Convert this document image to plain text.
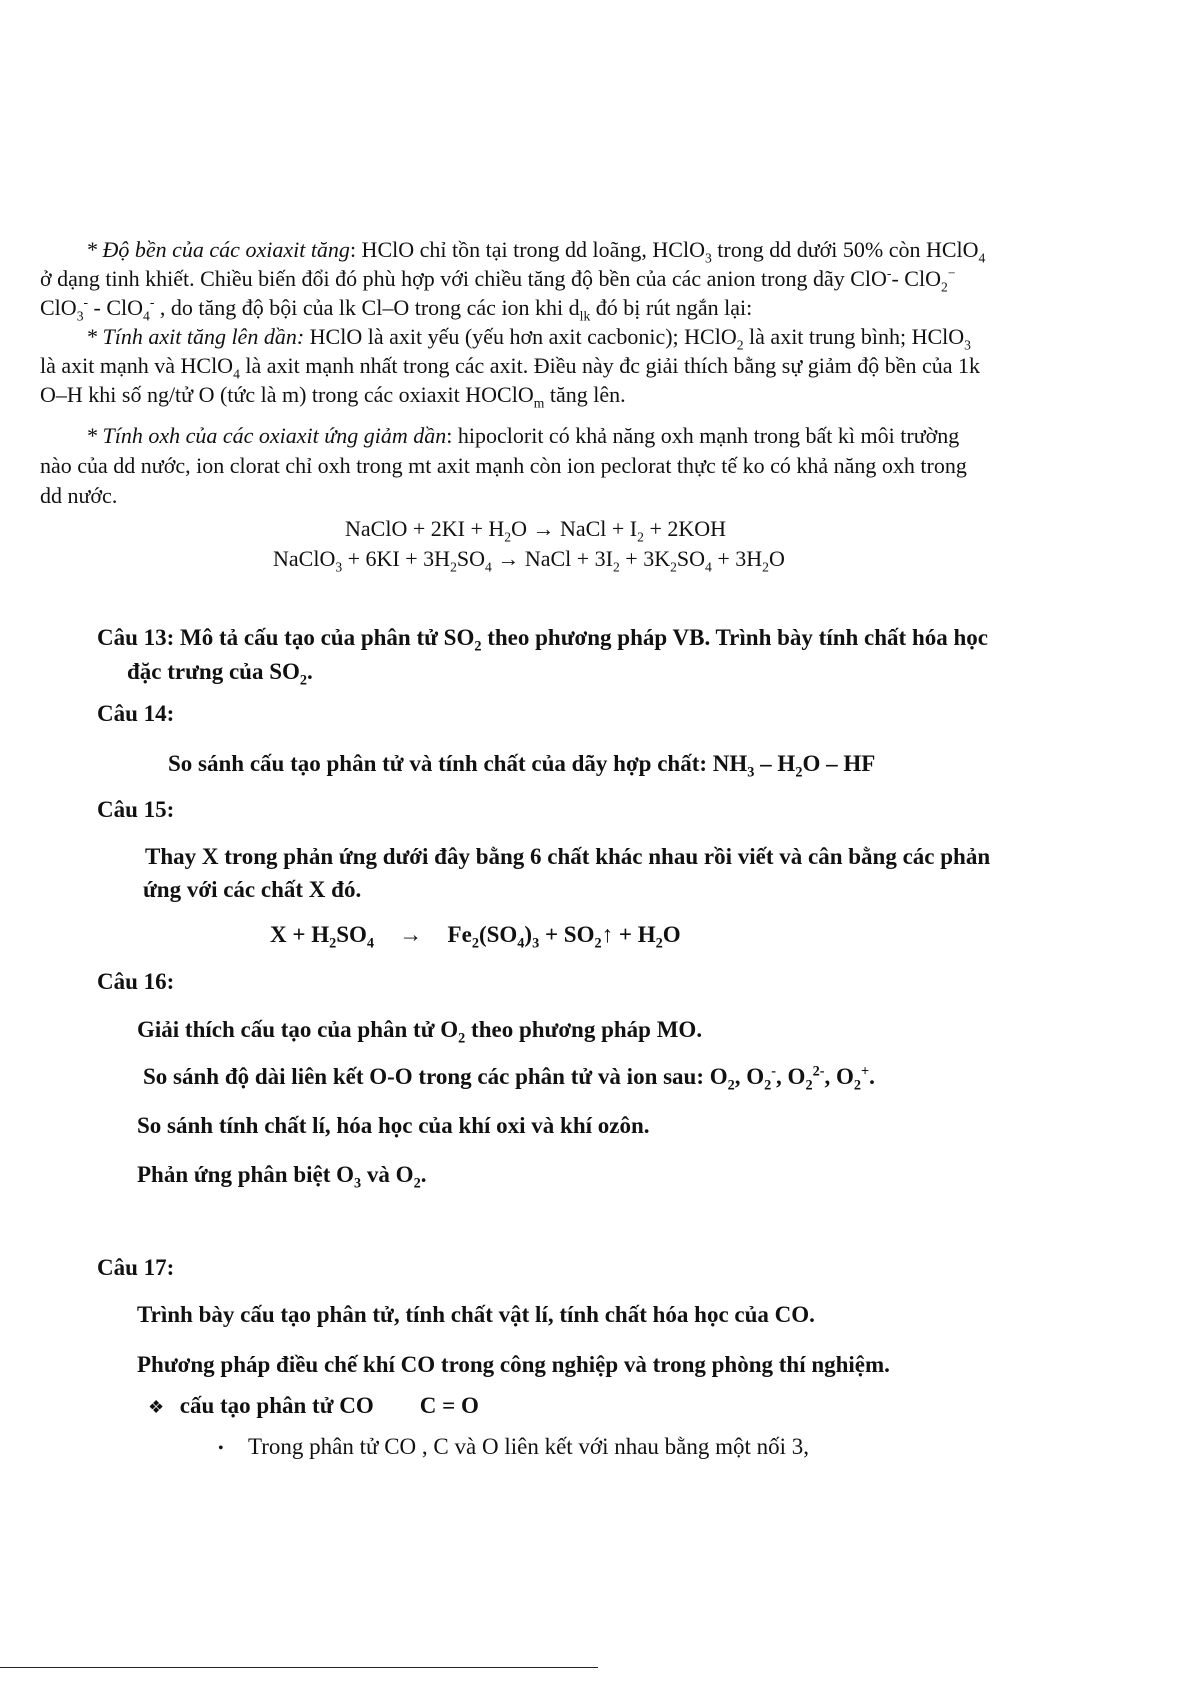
* Độ bền của các oxiaxit tăng: HClO chỉ tồn tại trong dd loãng, HClO$_3$ trong dd dưới 50% còn HClO$_4$
ở dạng tinh khiết. Chiều biến đổi đó phù hợp với chiều tăng độ bền của các anion trong dãy ClO-- ClO$_2$−
ClO$_3$- - ClO$_4$- , do tăng độ bội của lk Cl–O trong các ion khi $d_{lk}$ đó bị rút ngắn lại:
* Tính axit tăng lên dần: HClO là axit yếu (yếu hơn axit cacbonic); HClO$_2$ là axit trung bình; HClO$_3$
là axit mạnh và HClO$_4$ là axit mạnh nhất trong các axit. Điều này đc giải thích bằng sự giảm độ bền của 1k
O–H khi số ng/tử O (tức là m) trong các oxiaxit HOClO$_m$ tăng lên.
* Tính oxh của các oxiaxit ứng giảm dần: hipoclorit có khả năng oxh mạnh trong bất kì môi trường
nào của dd nước, ion clorat chỉ oxh trong mt axit mạnh còn ion peclorat thực tế ko có khả năng oxh trong
dd nước.
NaClO + $2KI + H_2O$ → NaCl + $I_2 + 2KOH$
NaClO$_3$ + $6KI + 3H_2SO_4$ → NaCl + $3I_2 + 3K_2SO_4 + 3H_2O$
Câu 13: Mô tả cấu tạo của phân tử $SO_2$ theo phương pháp VB. Trình bày tính chất hóa học
đặc trưng của $SO_2$.
Câu 14:
So sánh cấu tạo phân tử và tính chất của dãy hợp chất: $NH_3 - H_2O$ – HF
Câu 15:
Thay X trong phản ứng dưới đây bằng 6 chất khác nhau rồi viết và cân bằng các phản
ứng với các chất X đó.
$X + H_2SO_4 \to Fe_2(SO_4)_3$ + $SO_2↑ + H_2O$
Câu 16:
Giải thích cấu tạo của phân tử $O_2$ theo phương pháp MO.
So sánh độ dài liên kết O-O trong các phân tử và ion sau: $O_2$, $O_2^-$, $O_2^{2-}$, $O_2^+$.
So sánh tính chất lí, hóa học của khí oxi và khí ozôn.
Phản ứng phân biệt $O_3$ và $O_2$.
Câu 17:
Trình bày cấu tạo phân tử, tính chất vật lí, tính chất hóa học của CO.
Phương pháp điều chế khí CO trong công nghiệp và trong phòng thí nghiệm.
❖ cấu tạo phân tử CO C = O
• Trong phân tử CO , C và O liên kết với nhau bằng một nối 3,
